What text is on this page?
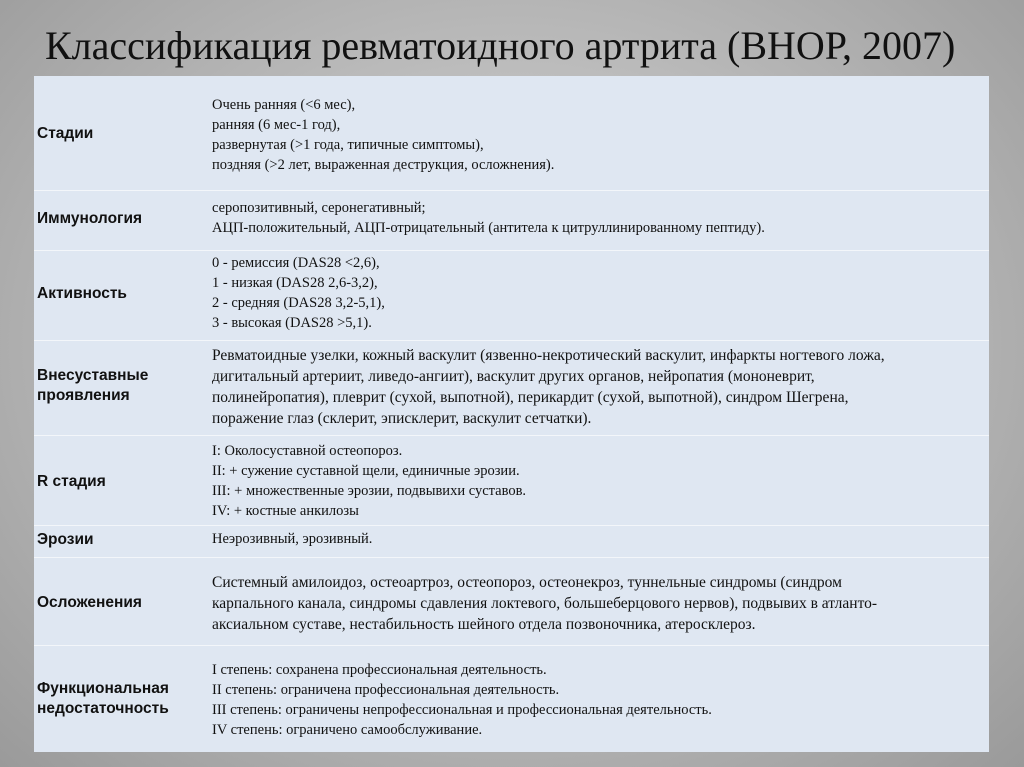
Классификация ревматоидного артрита (ВНОР, 2007)
Стадии
Очень ранняя (<6 мес),
ранняя (6 мес-1 год),
развернутая (>1 года, типичные симптомы),
поздняя (>2 лет, выраженная деструкция, осложнения).
Иммунология
серопозитивный, серонегативный;
АЦП-положительный, АЦП-отрицательный (антитела к цитруллинированному пептиду).
Активность
0 - ремиссия (DAS28 <2,6),
1 - низкая (DAS28 2,6-3,2),
2 - средняя (DAS28 3,2-5,1),
3 - высокая (DAS28 >5,1).
Внесуставные
проявления
Ревматоидные узелки, кожный васкулит (язвенно-некротический васкулит, инфаркты ногтевого ложа,
дигитальный артериит, ливедо-ангиит), васкулит других органов, нейропатия (мононеврит,
полинейропатия), плеврит (сухой, выпотной), перикардит (сухой, выпотной), синдром Шегрена,
поражение глаз (склерит, эписклерит, васкулит сетчатки).
R стадия
I: Околосуставной остеопороз.
II: + сужение суставной щели, единичные эрозии.
III: + множественные эрозии, подвывихи суставов.
IV: + костные анкилозы
Эрозии	Неэрозивный, эрозивный.
Осложенения
Системный амилоидоз, остеоартроз, остеопороз, остеонекроз, туннельные синдромы (синдром
карпального канала, синдромы сдавления локтевого, большеберцового нервов), подвывих в атланто-
аксиальном суставе, нестабильность шейного отдела позвоночника, атеросклероз.
Функциональная
недостаточность
I степень: сохранена профессиональная деятельность.
II степень: ограничена профессиональная деятельность.
III степень: ограничены непрофессиональная и профессиональная деятельность.
IV степень: ограничено самообслуживание.
